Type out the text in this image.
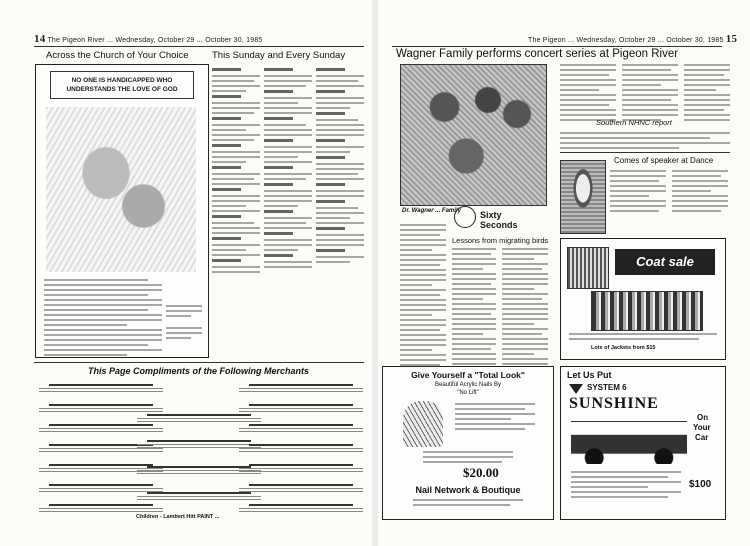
14 The Pigeon River ... Wednesday, October 29 ... October 30, 1985
Across the Church of Your Choice This Sunday and Every Sunday
NO ONE IS HANDICAPPED WHO
UNDERSTANDS THE LOVE OF GOD
This Page Compliments of the Following Merchants
Children - Lambert Hitt PAINT ...
The Pigeon ... Wednesday, October 29 ... October 30, 1985 15
Wagner Family performs concert series at Pigeon River
Dr. Wagner ... Family Sixty Seconds
Lessons from migrating birds
Southern NHNC report
Comes of speaker at Dance
Coat sale
Lots of Jackets from $15
Give Yourself a "Total Look"
Beautiful Acrylic Nails By
"No Lift"
$20.00
Nail Network & Boutique
Let Us Put
SYSTEM 6
SUNSHINE
On
Your
Car
$100
